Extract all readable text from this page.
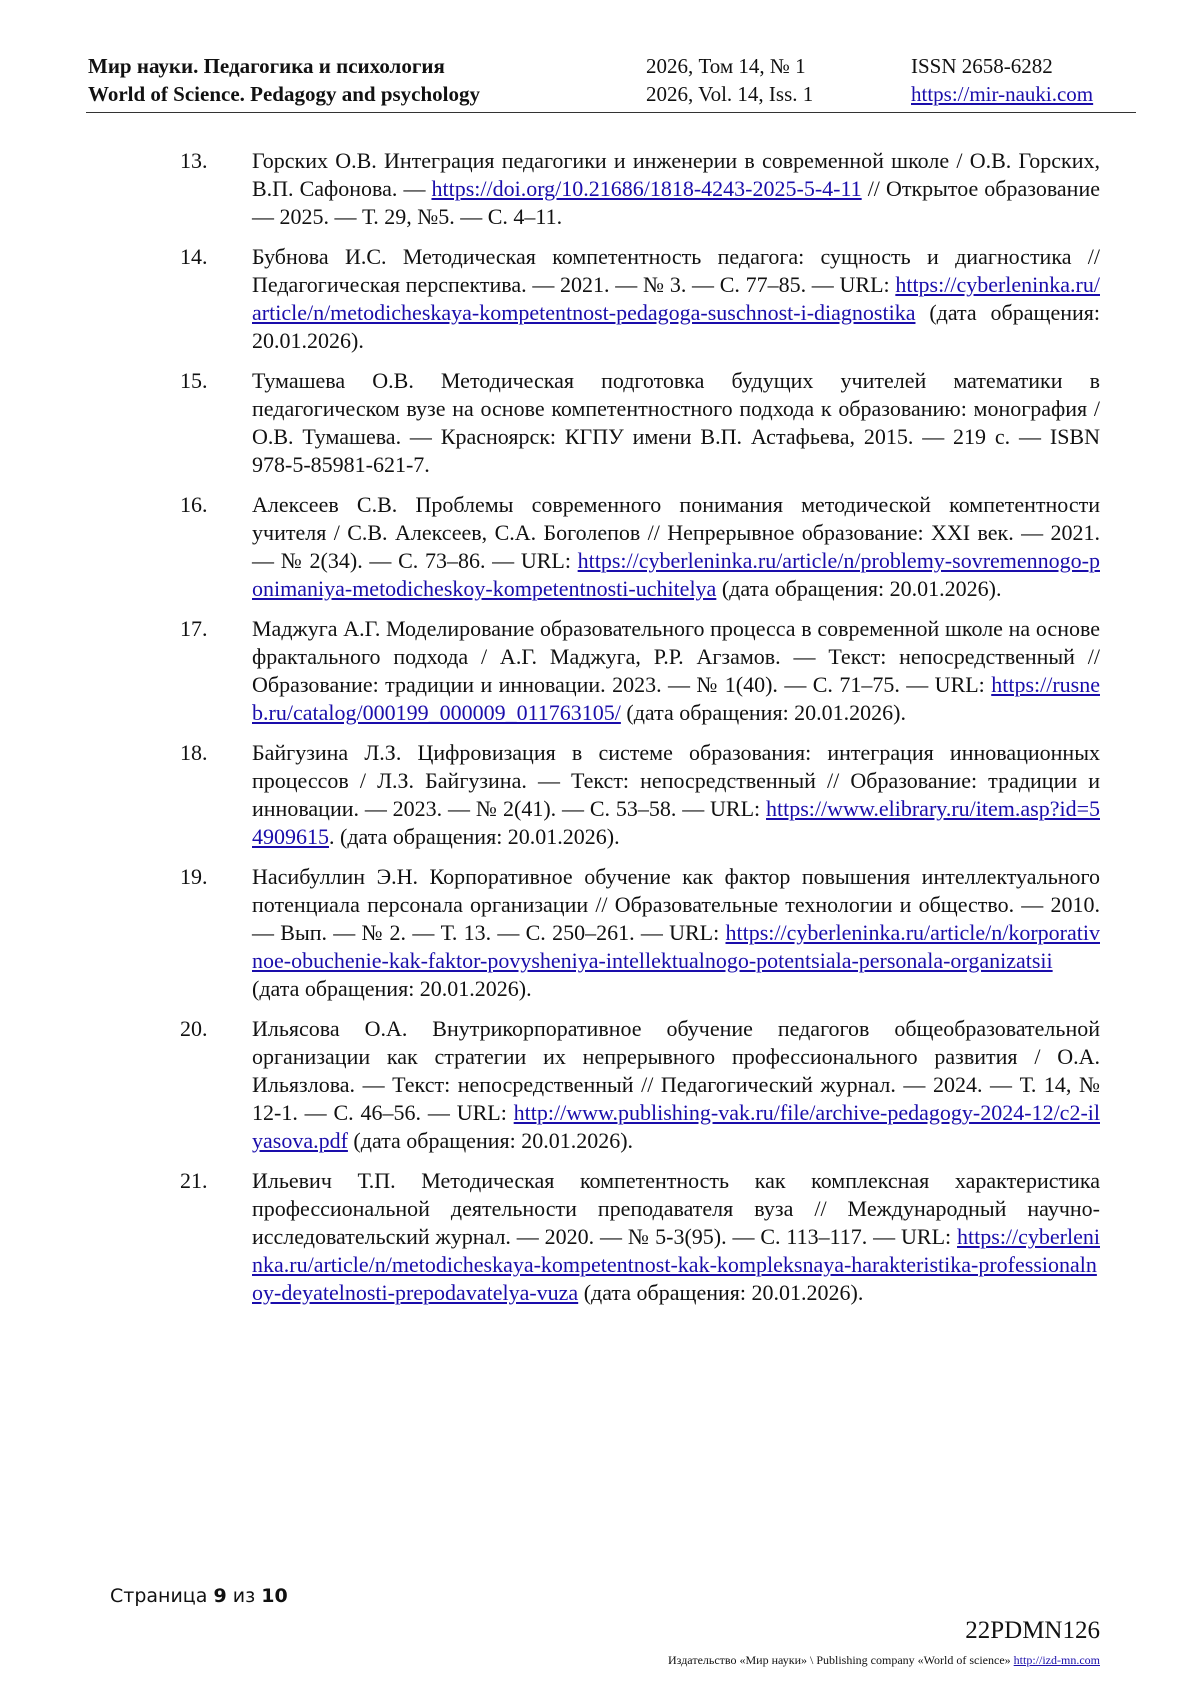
Мир науки. Педагогика и психология
World of Science. Pedagogy and psychology
2026, Том 14, № 1
2026, Vol. 14, Iss. 1
ISSN 2658-6282
https://mir-nauki.com
13.	Горских О.В. Интеграция педагогики и инженерии в современной школе / О.В. Горских, В.П. Сафонова. — https://doi.org/10.21686/1818-4243-2025-5-4-11 // Открытое образование — 2025. — Т. 29, №5. — С. 4–11.
14.	Бубнова И.С. Методическая компетентность педагога: сущность и диагностика // Педагогическая перспектива. — 2021. — № 3. — С. 77–85. — URL: https://cyberleninka.ru/article/n/metodicheskaya-kompetentnost-pedagoga-suschnost-i-diagnostika (дата обращения: 20.01.2026).
15.	Тумашева О.В. Методическая подготовка будущих учителей математики в педагогическом вузе на основе компетентностного подхода к образованию: монография / О.В. Тумашева. — Красноярск: КГПУ имени В.П. Астафьева, 2015. — 219 с. — ISBN 978-5-85981-621-7.
16.	Алексеев С.В. Проблемы современного понимания методической компетентности учителя / С.В. Алексеев, С.А. Боголепов // Непрерывное образование: XXI век. — 2021. — № 2(34). — С. 73–86. — URL: https://cyberleninka.ru/article/n/problemy-sovremennogo-ponimaniya-metodicheskoy-kompetentnosti-uchitelya (дата обращения: 20.01.2026).
17.	Маджуга А.Г. Моделирование образовательного процесса в современной школе на основе фрактального подхода / А.Г. Маджуга, Р.Р. Агзамов. — Текст: непосредственный // Образование: традиции и инновации. 2023. — № 1(40). — С. 71–75. — URL: https://rusneb.ru/catalog/000199_000009_011763105/ (дата обращения: 20.01.2026).
18.	Байгузина Л.З. Цифровизация в системе образования: интеграция инновационных процессов / Л.З. Байгузина. — Текст: непосредственный // Образование: традиции и инновации. — 2023. — № 2(41). — С. 53–58. — URL: https://www.elibrary.ru/item.asp?id=54909615. (дата обращения: 20.01.2026).
19.	Насибуллин Э.Н. Корпоративное обучение как фактор повышения интеллектуального потенциала персонала организации // Образовательные технологии и общество. — 2010. — Вып. — № 2. — Т. 13. — С. 250–261. — URL: https://cyberleninka.ru/article/n/korporativnoe-obuchenie-kak-faktor-povysheniya-intellektualnogo-potentsiala-personala-organizatsii (дата обращения: 20.01.2026).
20.	Ильясова О.А. Внутрикорпоративное обучение педагогов общеобразовательной организации как стратегии их непрерывного профессионального развития / О.А. Ильязлова. — Текст: непосредственный // Педагогический журнал. — 2024. — Т. 14, № 12-1. — С. 46–56. — URL: http://www.publishing-vak.ru/file/archive-pedagogy-2024-12/c2-ilyasova.pdf (дата обращения: 20.01.2026).
21.	Ильевич Т.П. Методическая компетентность как комплексная характеристика профессиональной деятельности преподавателя вуза // Международный научно-исследовательский журнал. — 2020. — № 5-3(95). — С. 113–117. — URL: https://cyberleninka.ru/article/n/metodicheskaya-kompetentnost-kak-kompleksnaya-harakteristika-professionalnoy-deyatelnosti-prepodavatelya-vuza (дата обращения: 20.01.2026).
Страница 9 из 10
22PDMN126
Издательство «Мир науки» \ Publishing company «World of science» http://izd-mn.com
